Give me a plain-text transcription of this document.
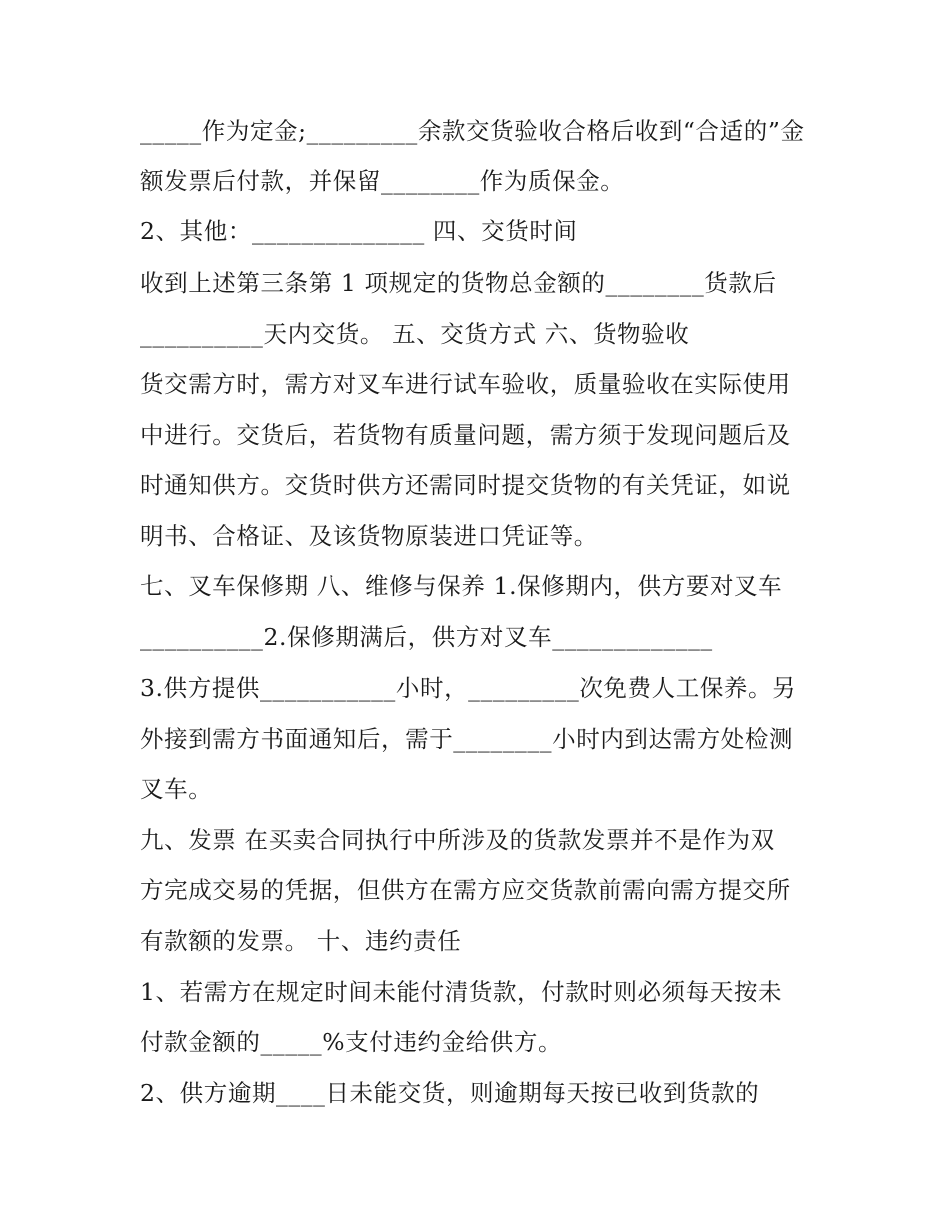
_____作为定金;_________余款交货验收合格后收到“合适的”金
额发票后付款，并保留________作为质保金。
2、其他：______________ 四、交货时间
收到上述第三条第 1 项规定的货物总金额的________货款后
__________天内交货。 五、交货方式 六、货物验收
货交需方时，需方对叉车进行试车验收，质量验收在实际使用
中进行。交货后，若货物有质量问题，需方须于发现问题后及
时通知供方。交货时供方还需同时提交货物的有关凭证，如说
明书、合格证、及该货物原装进口凭证等。
七、叉车保修期 八、维修与保养 1.保修期内，供方要对叉车
__________2.保修期满后，供方对叉车_____________
3.供方提供___________小时，_________次免费人工保养。另
外接到需方书面通知后，需于________小时内到达需方处检测
叉车。
九、发票 在买卖合同执行中所涉及的货款发票并不是作为双
方完成交易的凭据，但供方在需方应交货款前需向需方提交所
有款额的发票。 十、违约责任
1、若需方在规定时间未能付清货款，付款时则必须每天按未
付款金额的_____%支付违约金给供方。
2、供方逾期____日未能交货，则逾期每天按已收到货款的
